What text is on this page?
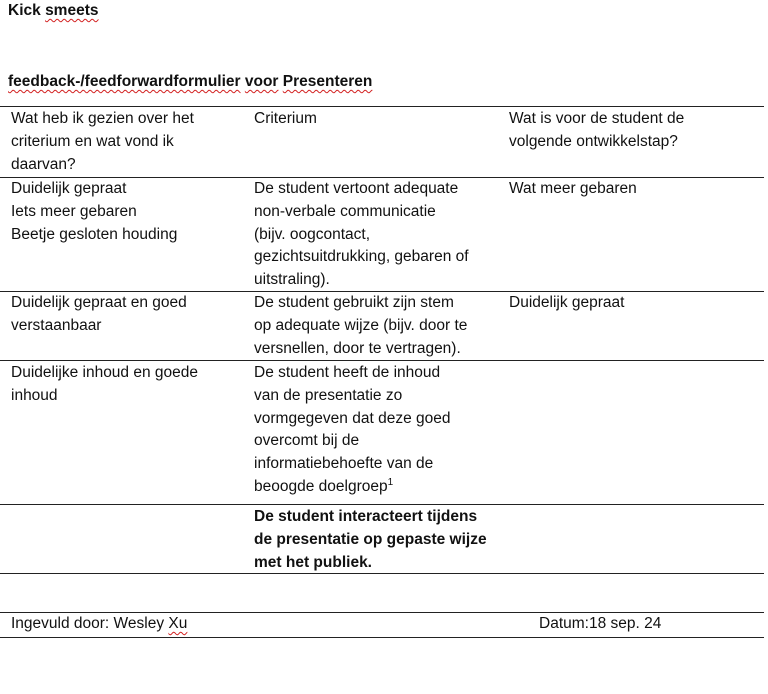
Kick smeets
feedback-/feedforwardformulier voor Presenteren
Wat heb ik gezien over het
criterium en wat vond ik
daarvan?
Criterium	Wat is voor de student de
volgende ontwikkelstap?
Duidelijk gepraat
Iets meer gebaren
Beetje gesloten houding
De student vertoont adequate
non-verbale communicatie
(bijv. oogcontact,
gezichtsuitdrukking, gebaren of
uitstraling).
Wat meer gebaren
Duidelijk gepraat en goed
verstaanbaar
De student gebruikt zijn stem
op adequate wijze (bijv. door te
versnellen, door te vertragen).
Duidelijk gepraat
Duidelijke inhoud en goede
inhoud
De student heeft de inhoud
van de presentatie zo
vormgegeven dat deze goed
overcomt bij de
informatiebehoefte van de
beoogde doelgroep$^1$
De student interacteert tijdens
de presentatie op gepaste wijze
met het publiek.
Ingevuld door: Wesley Xu	Datum:18 sep. 24
